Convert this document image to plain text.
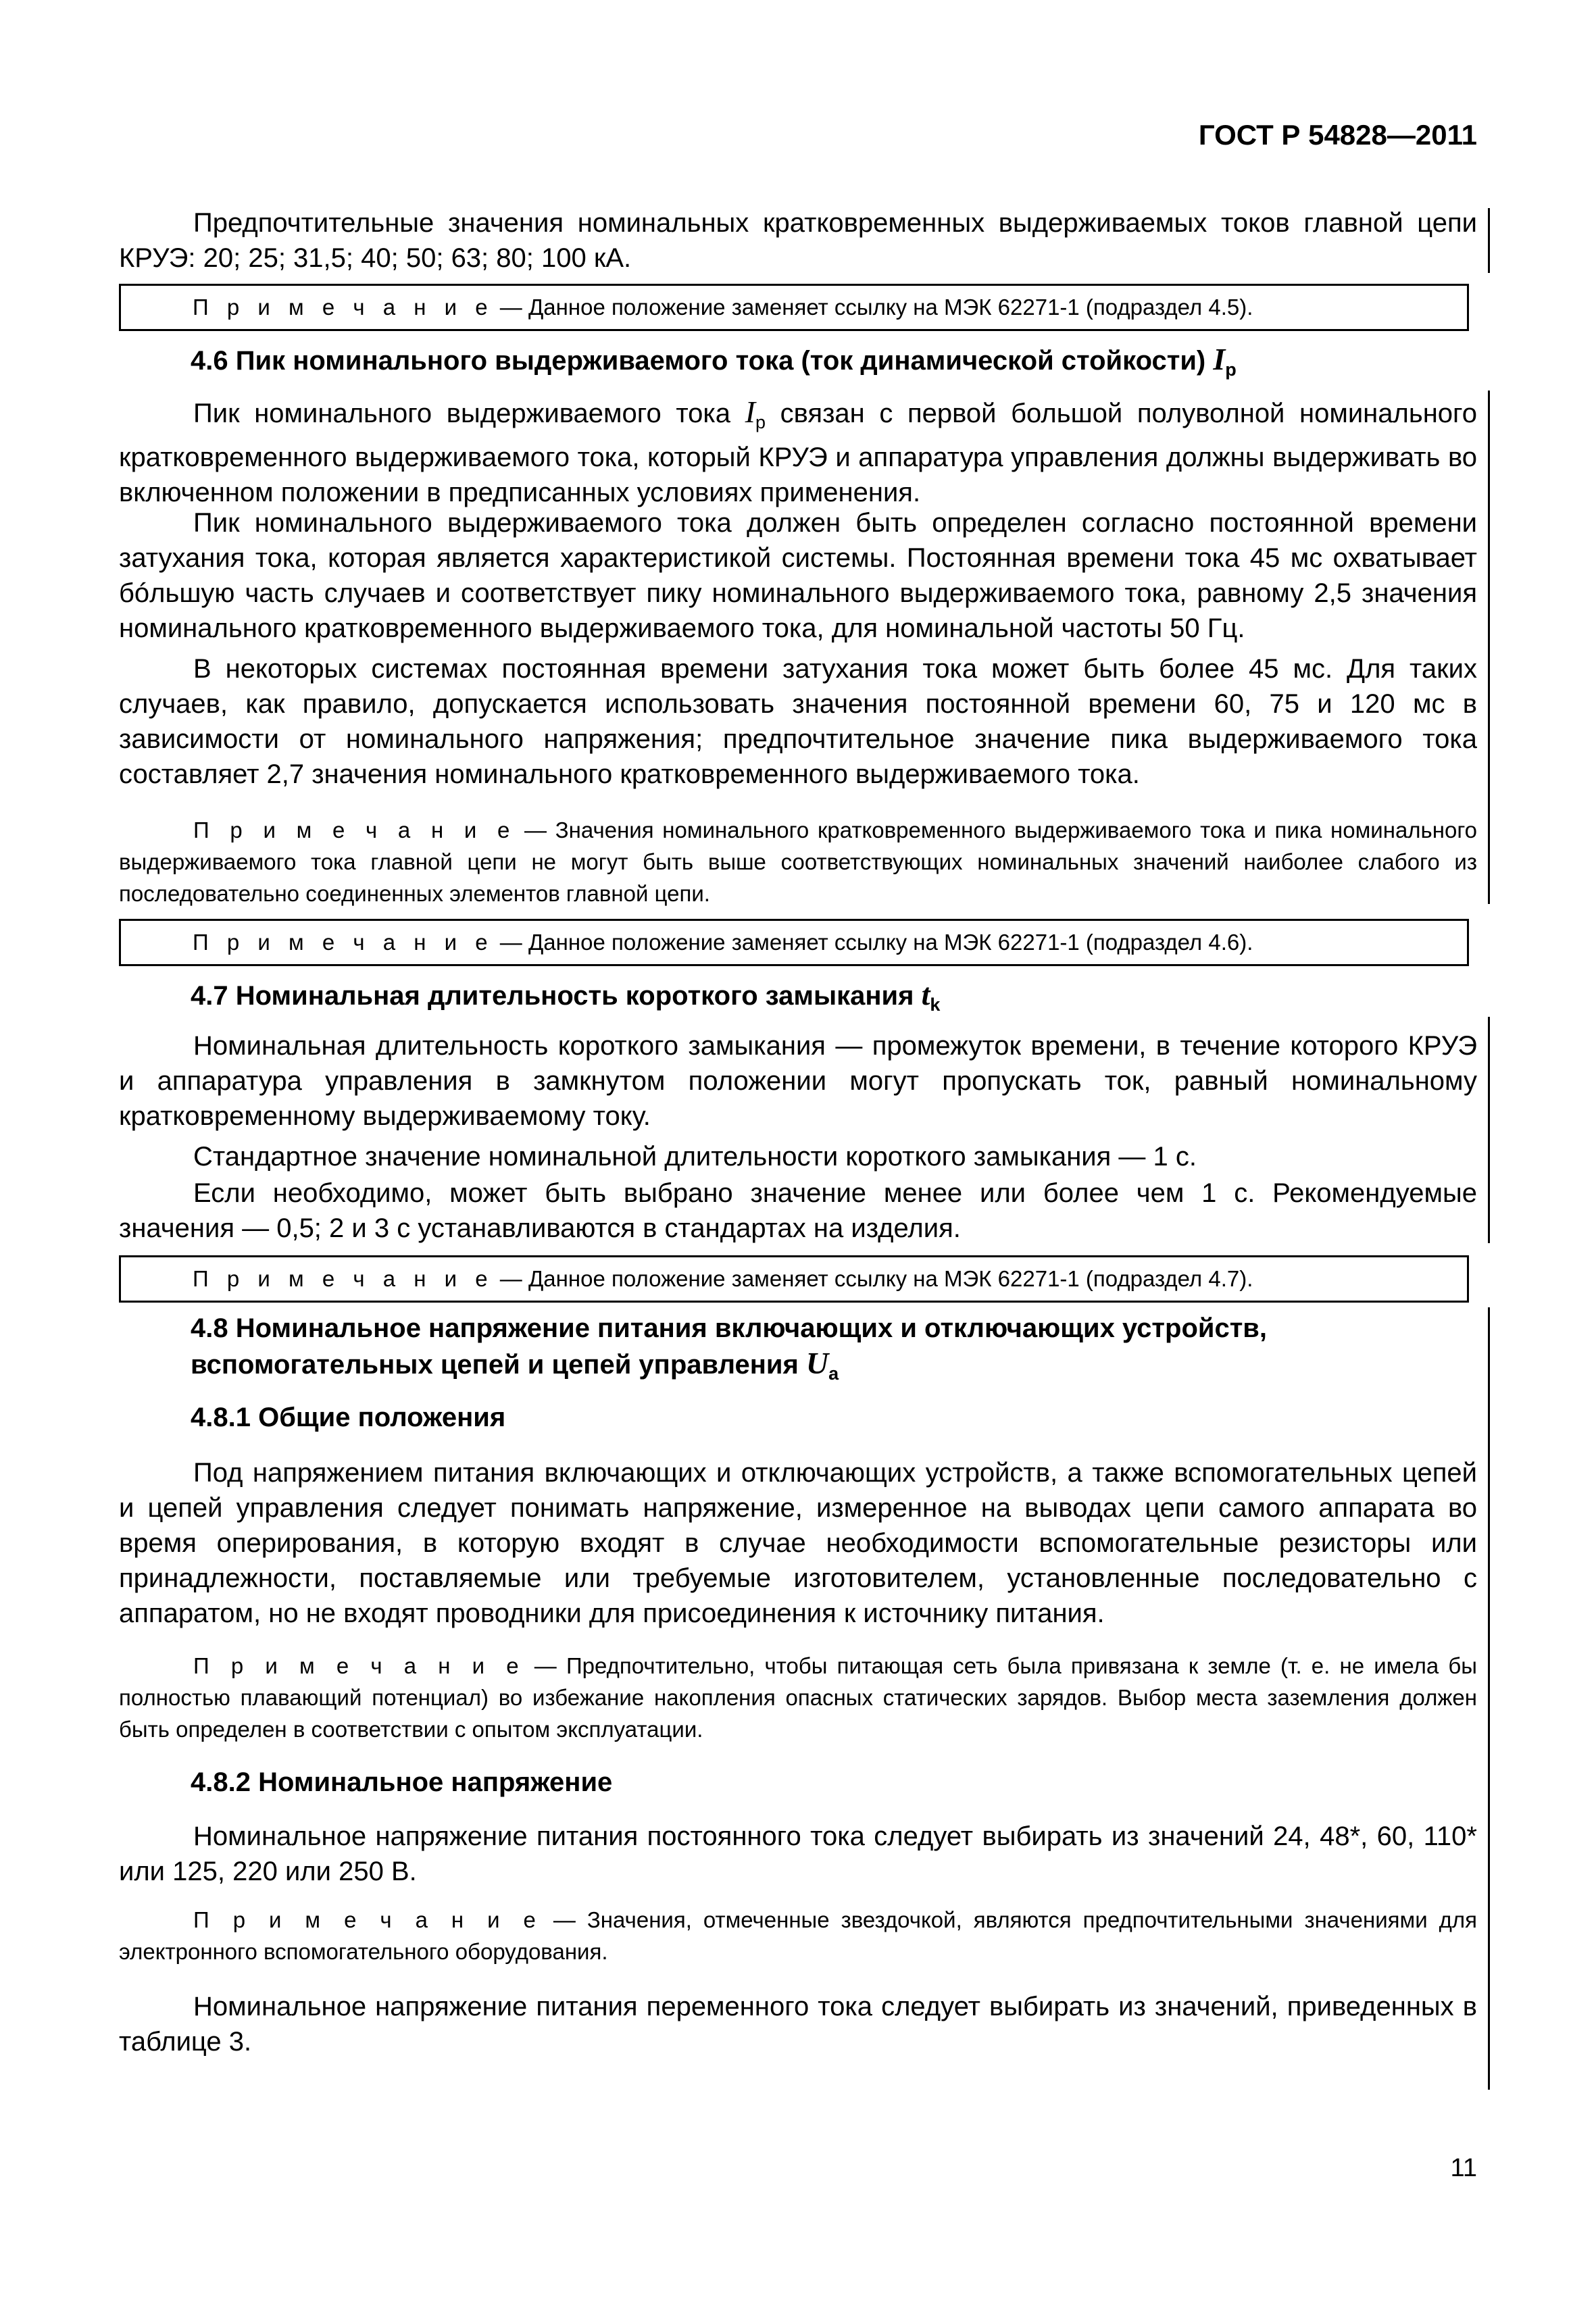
ГОСТ Р 54828—2011

Предпочтительные значения номинальных кратковременных выдерживаемых токов главной цепи КРУЭ: 20; 25; 31,5; 40; 50; 63; 80; 100 кА.

П р и м е ч а н и е — Данное положение заменяет ссылку на МЭК 62271-1 (подраздел 4.5).

4.6 Пик номинального выдерживаемого тока (ток динамической стойкости) $I_p$

Пик номинального выдерживаемого тока $I_p$ связан с первой большой полуволной номинального кратковременного выдерживаемого тока, который КРУЭ и аппаратура управления должны выдерживать во включенном положении в предписанных условиях применения.

Пик номинального выдерживаемого тока должен быть определен согласно постоянной времени затухания тока, которая является характеристикой системы. Постоянная времени тока 45 мс охватывает бóльшую часть случаев и соответствует пику номинального выдерживаемого тока, равному 2,5 значения номинального кратковременного выдерживаемого тока, для номинальной частоты 50 Гц.

В некоторых системах постоянная времени затухания тока может быть более 45 мс. Для таких случаев, как правило, допускается использовать значения постоянной времени 60, 75 и 120 мс в зависимости от номинального напряжения; предпочтительное значение пика выдерживаемого тока составляет 2,7 значения номинального кратковременного выдерживаемого тока.

П р и м е ч а н и е — Значения номинального кратковременного выдерживаемого тока и пика номинального выдерживаемого тока главной цепи не могут быть выше соответствующих номинальных значений наиболее слабого из последовательно соединенных элементов главной цепи.

П р и м е ч а н и е — Данное положение заменяет ссылку на МЭК 62271-1 (подраздел 4.6).

4.7 Номинальная длительность короткого замыкания $t_k$

Номинальная длительность короткого замыкания — промежуток времени, в течение которого КРУЭ и аппаратура управления в замкнутом положении могут пропускать ток, равный номинальному кратковременному выдерживаемому току.

Стандартное значение номинальной длительности короткого замыкания — 1 с.

Если необходимо, может быть выбрано значение менее или более чем 1 с. Рекомендуемые значения — 0,5; 2 и 3 с устанавливаются в стандартах на изделия.

П р и м е ч а н и е — Данное положение заменяет ссылку на МЭК 62271-1 (подраздел 4.7).

4.8 Номинальное напряжение питания включающих и отключающих устройств,
вспомогательных цепей и цепей управления $U_a$

4.8.1 Общие положения

Под напряжением питания включающих и отключающих устройств, а также вспомогательных цепей и цепей управления следует понимать напряжение, измеренное на выводах цепи самого аппарата во время оперирования, в которую входят в случае необходимости вспомогательные резисторы или принадлежности, поставляемые или требуемые изготовителем, установленные последовательно с аппаратом, но не входят проводники для присоединения к источнику питания.

П р и м е ч а н и е — Предпочтительно, чтобы питающая сеть была привязана к земле (т. е. не имела бы полностью плавающий потенциал) во избежание накопления опасных статических зарядов. Выбор места заземления должен быть определен в соответствии с опытом эксплуатации.

4.8.2 Номинальное напряжение

Номинальное напряжение питания постоянного тока следует выбирать из значений 24, 48*, 60, 110* или 125, 220 или 250 В.

П р и м е ч а н и е — Значения, отмеченные звездочкой, являются предпочтительными значениями для электронного вспомогательного оборудования.

Номинальное напряжение питания переменного тока следует выбирать из значений, приведенных в таблице 3.

11
